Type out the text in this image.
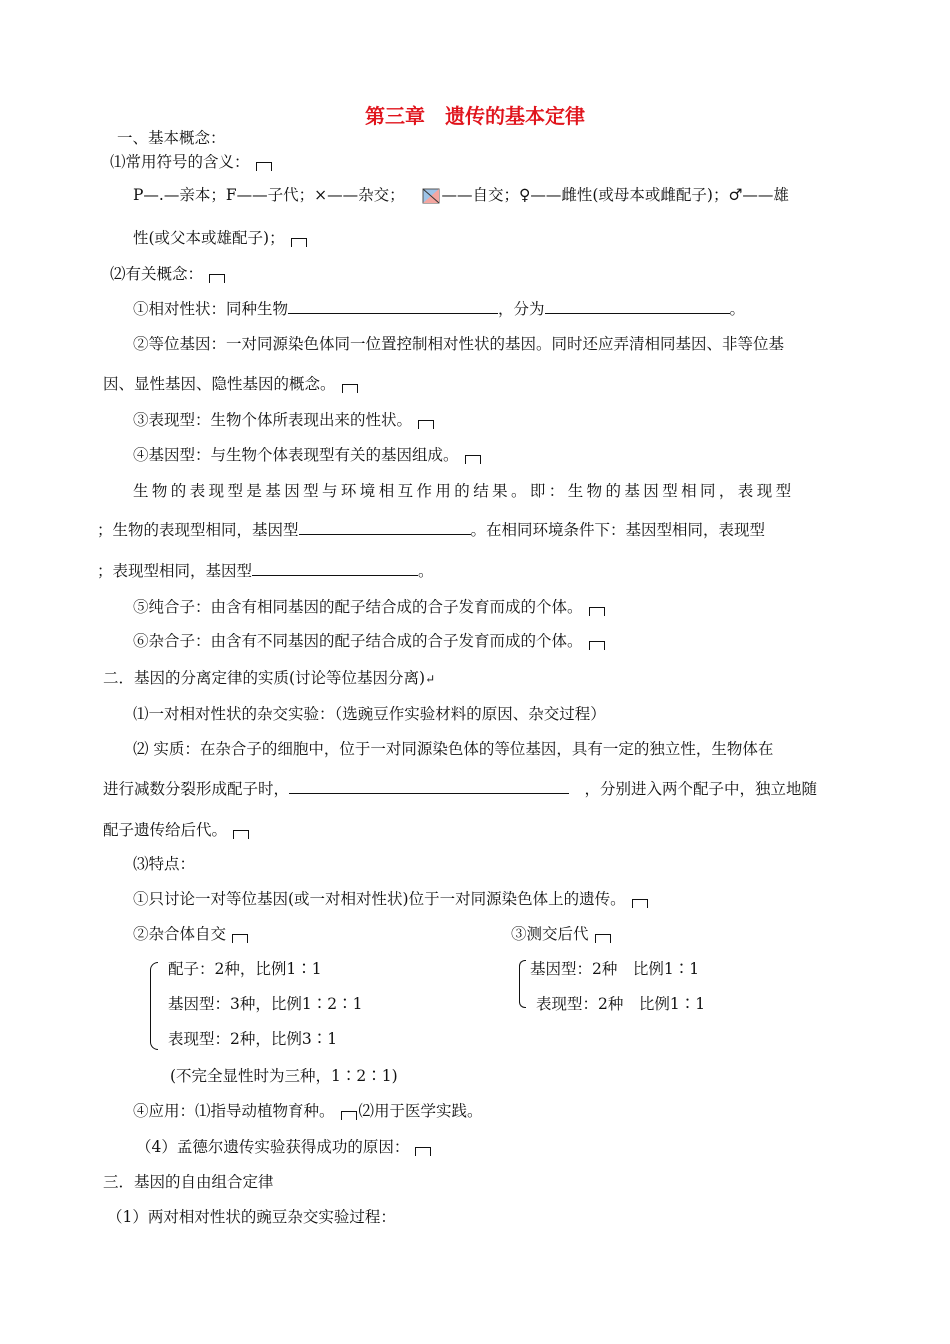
第三章　遗传的基本定律
一、基本概念：
⑴常用符号的含义：
P—.—亲本；F——子代；×——杂交； ——自交；♀——雌性(或母本或雌配子)；♂——雄
性(或父本或雄配子)；
⑵有关概念：
①相对性状：同种生物	，分为	。
②等位基因：一对同源染色体同一位置控制相对性状的基因。同时还应弄清相同基因、非等位基
因、显性基因、隐性基因的概念。
③表现型：生物个体所表现出来的性状。
④基因型：与生物个体表现型有关的基因组成。
生物的表现型是基因型与环境相互作用的结果。即：生物的基因型相同，表现型
；生物的表现型相同，基因型	。在相同环境条件下：基因型相同，表现型
；表现型相同，基因型	。
⑤纯合子：由含有相同基因的配子结合成的合子发育而成的个体。
⑥杂合子：由含有不同基因的配子结合成的合子发育而成的个体。
二．基因的分离定律的实质(讨论等位基因分离)↵
⑴一对相对性状的杂交实验：（选豌豆作实验材料的原因、杂交过程）
⑵ 实质：在杂合子的细胞中，位于一对同源染色体的等位基因，具有一定的独立性，生物体在
进行减数分裂形成配子时，　	，分别进入两个配子中，独立地随
配子遗传给后代。
⑶特点：
①只讨论一对等位基因(或一对相对性状)位于一对同源染色体上的遗传。
②杂合体自交	③测交后代
配子：2种，比例1∶1
基因型：3种，比例1∶2∶1
表现型：2种，比例3∶1
基因型：2种　比例1∶1
表现型：2种　比例1∶1
(不完全显性时为三种，1∶2∶1)
④应用：⑴指导动植物育种。 ⑵用于医学实践。
（4）孟德尔遗传实验获得成功的原因：
三．基因的自由组合定律
（1）两对相对性状的豌豆杂交实验过程：
